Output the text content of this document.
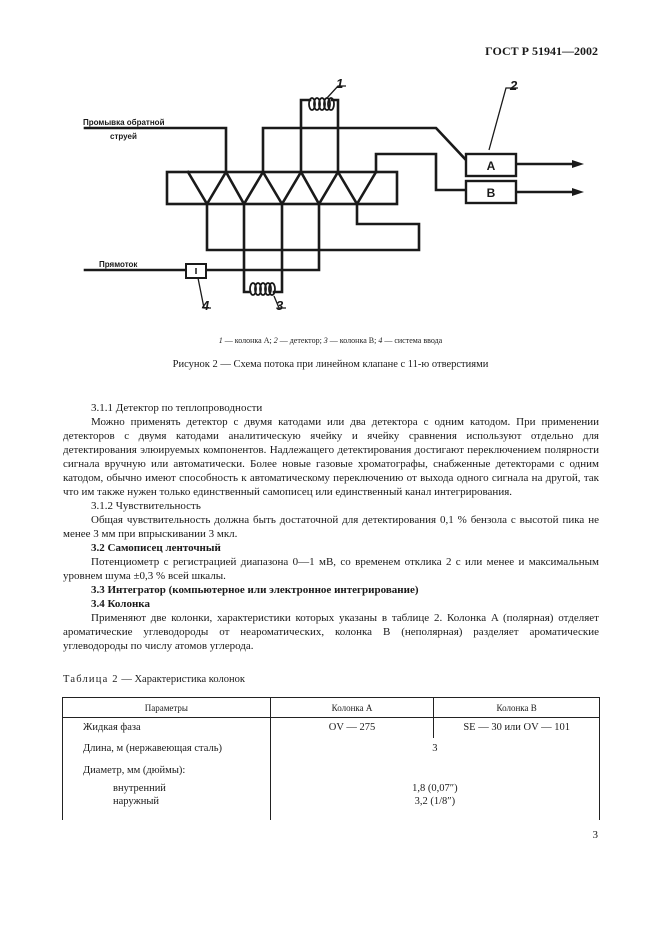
ГОСТ Р 51941—2002
A
B
1	2
3
4
Промывка обратной
струей
Прямоток
1 — колонка A; 2 — детектор; 3 — колонка B; 4 — система ввода
Рисунок 2 — Схема потока при линейном клапане с 11-ю отверстиями

3.1.1 Детектор по теплопроводности

Можно применять детектор с двумя катодами или два детектора с одним катодом. При применении детекторов с двумя катодами аналитическую ячейку и ячейку сравнения используют отдельно для детектирования элюируемых компонентов. Надлежащего детектирования достигают переключением полярности сигнала вручную или автоматически. Более новые газовые хроматографы, снабженные детекторами с одним катодом, обычно имеют способность к автоматическому переключению от выхода одного сигнала на другой, так что им также нужен только единственный самописец или единственный канал интегрирования.

3.1.2 Чувствительность

Общая чувствительность должна быть достаточной для детектирования 0,1 % бензола с высотой пика не менее 3 мм при впрыскивании 3 мкл.

3.2 Самописец ленточный

Потенциометр с регистрацией диапазона 0—1 мВ, со временем отклика 2 с или менее и максимальным уровнем шума ±0,3 % всей шкалы.

3.3 Интегратор (компьютерное или электронное интегрирование)

3.4 Колонка

Применяют две колонки, характеристики которых указаны в таблице 2. Колонка A (полярная) отделяет ароматические углеводороды от неароматических, колонка B (неполярная) разделяет ароматические углеводороды по числу атомов углерода.

Таблица 2 — Характеристика колонок
Параметры	Колонка A	Колонка B
Жидкая фаза	OV — 275	SE — 30 или OV — 101
Длина, м (нержавеющая сталь)	3	
Диаметр, мм (дюймы):		
внутренний	1,8 (0,07″)	
наружный	3,2 (1/8″)	
3
